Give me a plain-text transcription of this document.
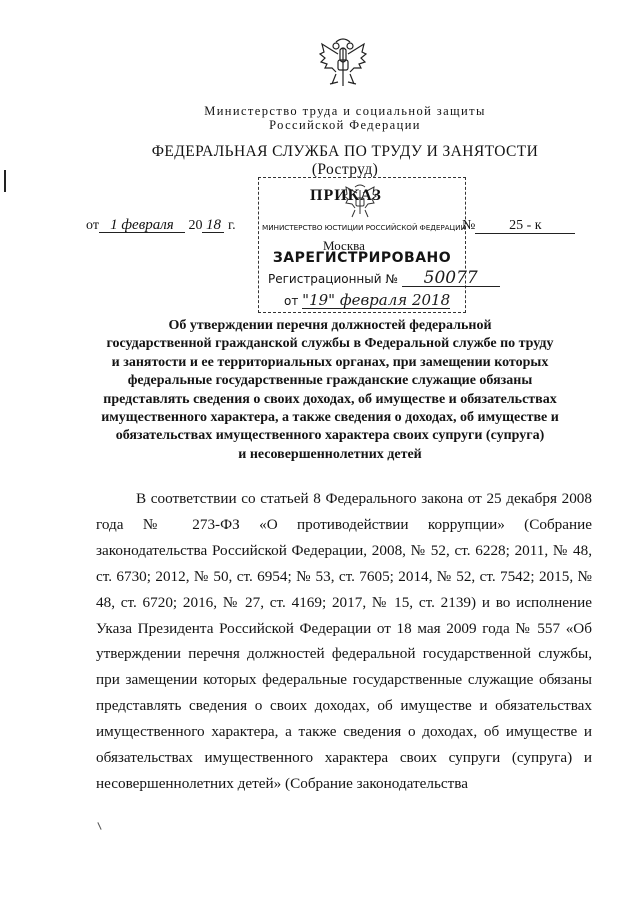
Министерство труда и социальной защиты
Российской Федерации
ФЕДЕРАЛЬНАЯ СЛУЖБА ПО ТРУДУ И ЗАНЯТОСТИ
(Роструд)
ПРИКАЗ
от 1 февраля 20 18 г.	№ 25 - к
МИНИСТЕРСТВО ЮСТИЦИИ РОССИЙСКОЙ ФЕДЕРАЦИИ
Москва
ЗАРЕГИСТРИРОВАНО
Регистрационный № 50077
от "19" февраля 2018
Об утверждении перечня должностей федеральной
государственной гражданской службы в Федеральной службе по труду
и занятости и ее территориальных органах, при замещении которых
федеральные государственные гражданские служащие обязаны
представлять сведения о своих доходах, об имуществе и обязательствах
имущественного характера, а также сведения о доходах, об имуществе и
обязательствах имущественного характера своих супруги (супруга)
и несовершеннолетних детей

В соответствии со статьей 8 Федерального закона от 25 декабря 2008 года № 273-ФЗ «О противодействии коррупции» (Собрание законодательства Российской Федерации, 2008, № 52, ст. 6228; 2011, № 48, ст. 6730; 2012, № 50, ст. 6954; № 53, ст. 7605; 2014, № 52, ст. 7542; 2015, № 48, ст. 6720; 2016, № 27, ст. 4169; 2017, № 15, ст. 2139) и во исполнение Указа Президента Российской Федерации от 18 мая 2009 года № 557 «Об утверждении перечня должностей федеральной государственной службы, при замещении которых федеральные государственные служащие обязаны представлять сведения о своих доходах, об имуществе и обязательствах имущественного характера, а также сведения о доходах, об имуществе и обязательствах имущественного характера своих супруги (супруга) и несовершеннолетних детей» (Собрание законодательства
